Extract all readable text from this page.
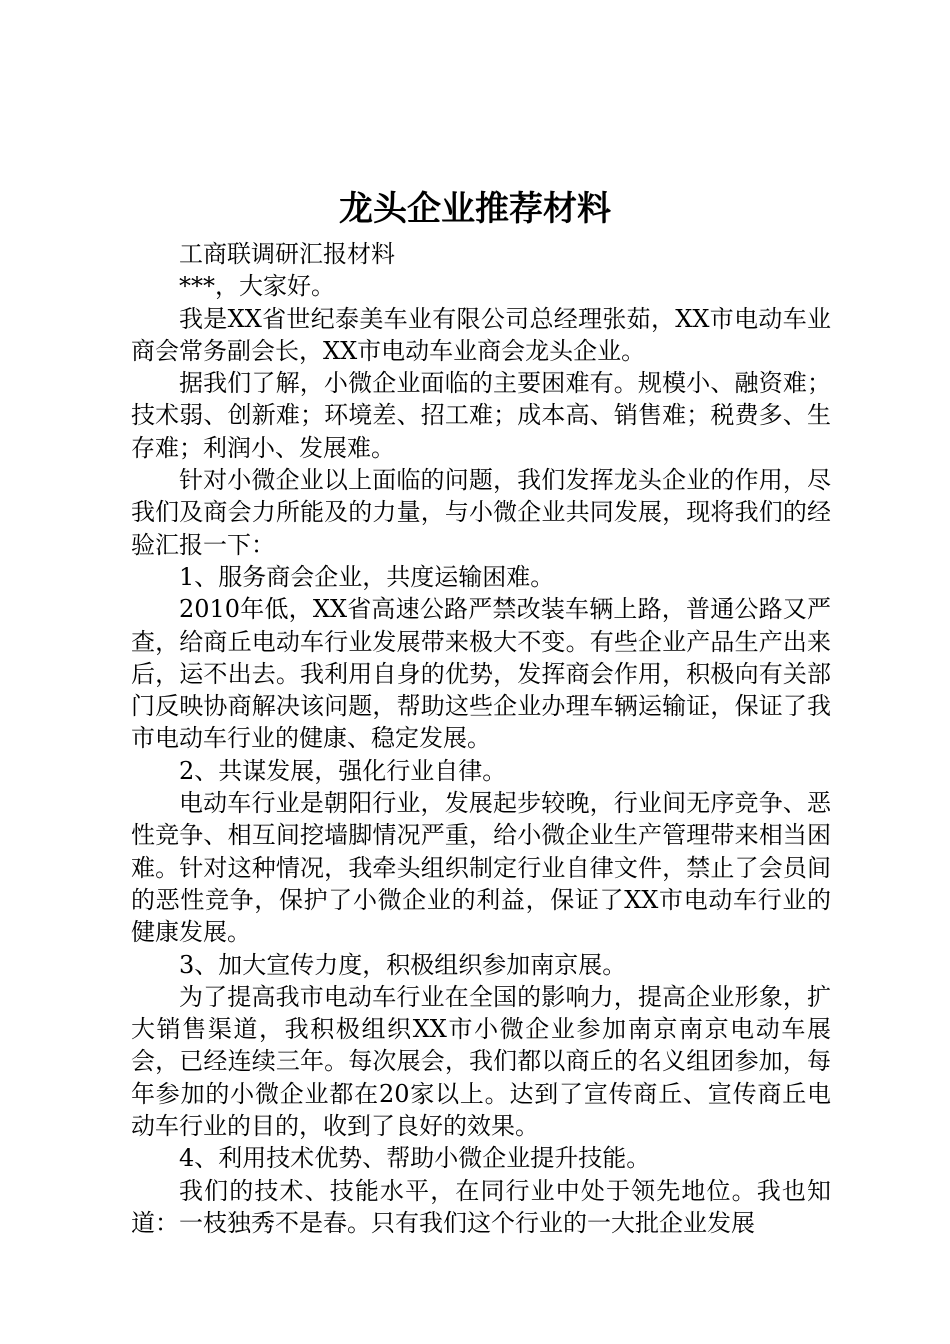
龙头企业推荐材料

工商联调研汇报材料

***，大家好。

我是XX省世纪泰美车业有限公司总经理张茹，XX市电动车业商会常务副会长，XX市电动车业商会龙头企业。

据我们了解，小微企业面临的主要困难有。规模小、融资难；技术弱、创新难；环境差、招工难；成本高、销售难；税费多、生存难；利润小、发展难。

针对小微企业以上面临的问题，我们发挥龙头企业的作用，尽我们及商会力所能及的力量，与小微企业共同发展，现将我们的经验汇报一下：

1、服务商会企业，共度运输困难。

2010年低，XX省高速公路严禁改装车辆上路，普通公路又严查，给商丘电动车行业发展带来极大不变。有些企业产品生产出来后，运不出去。我利用自身的优势，发挥商会作用，积极向有关部门反映协商解决该问题，帮助这些企业办理车辆运输证，保证了我市电动车行业的健康、稳定发展。

2、共谋发展，强化行业自律。

电动车行业是朝阳行业，发展起步较晚，行业间无序竞争、恶性竞争、相互间挖墙脚情况严重，给小微企业生产管理带来相当困难。针对这种情况，我牵头组织制定行业自律文件，禁止了会员间的恶性竞争，保护了小微企业的利益，保证了XX市电动车行业的健康发展。

3、加大宣传力度，积极组织参加南京展。

为了提高我市电动车行业在全国的影响力，提高企业形象，扩大销售渠道，我积极组织XX市小微企业参加南京南京电动车展会，已经连续三年。每次展会，我们都以商丘的名义组团参加，每年参加的小微企业都在20家以上。达到了宣传商丘、宣传商丘电动车行业的目的，收到了良好的效果。

4、利用技术优势、帮助小微企业提升技能。

我们的技术、技能水平，在同行业中处于领先地位。我也知道：一枝独秀不是春。只有我们这个行业的一大批企业发展
